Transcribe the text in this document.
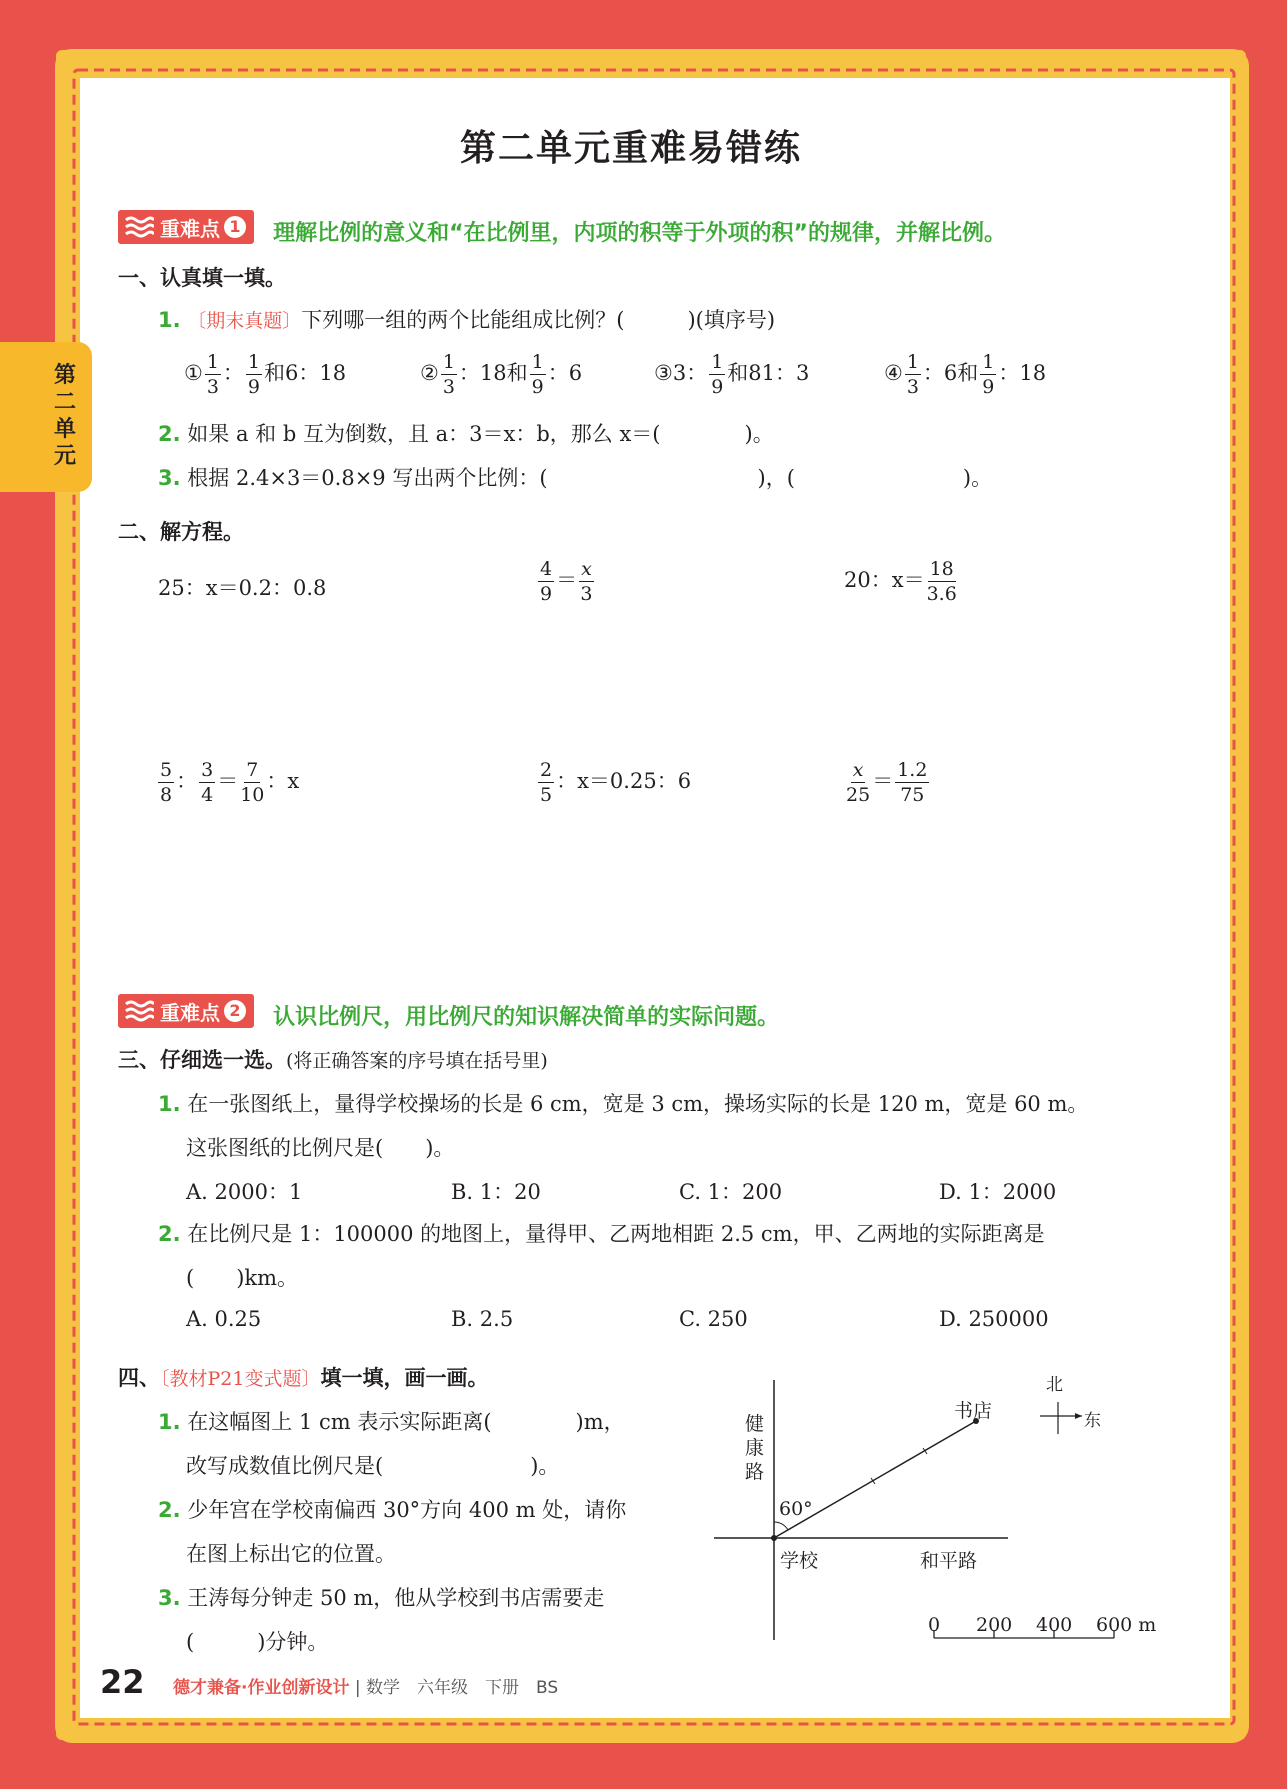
第二单元
第二单元重难易错练
重难点 1 理解比例的意义和“在比例里，内项的积等于外项的积”的规律，并解比例。
一、认真填一填。
1. 〔期末真题〕下列哪一组的两个比能组成比例？(　　　)(填序号)
① $\frac{1}{3}$ ： $\frac{1}{9}$ 和6：18	② $\frac{1}{3}$ ：18和 $\frac{1}{9}$ ：6	③3： $\frac{1}{9}$ 和81：3	④ $\frac{1}{3}$ ：6和 $\frac{1}{9}$ ：18
2. 如果 a 和 b 互为倒数，且 a：3＝x：b，那么 x＝(　　　　)。
3. 根据 2.4×3＝0.8×9 写出两个比例：(　　　　　　　　　　)，(　　　　　　　　)。
二、解方程。
25：x＝0.2：0.8	$\frac{4}{9} = \frac{x}{3}$	20：$x= \frac{18}{3.6}$
$\frac{5}{8}$ ： $\frac{3}{4} = \frac{7}{10}$ ：x	$\frac{2}{5}$ ：x＝0.25：6	$\frac{x}{25} = \frac{1.2}{75}$
重难点 2 认识比例尺，用比例尺的知识解决简单的实际问题。
三、仔细选一选。(将正确答案的序号填在括号里)
1. 在一张图纸上，量得学校操场的长是 6 cm，宽是 3 cm，操场实际的长是 120 m，宽是 60 m。
这张图纸的比例尺是(　　)。
A. 2000：1	B. 1：20	C. 1：200	D. 1：2000
2. 在比例尺是 1：100000 的地图上，量得甲、乙两地相距 2.5 cm，甲、乙两地的实际距离是
(　　)km。
A. 0.25	B. 2.5	C. 250	D. 250000
四、〔教材P21变式题〕填一填，画一画。
1. 在这幅图上 1 cm 表示实际距离(　　　　)m，
改写成数值比例尺是(　　　　　　　)。
2. 少年宫在学校南偏西 30°方向 400 m 处，请你
在图上标出它的位置。
3. 王涛每分钟走 50 m，他从学校到书店需要走
(　　　)分钟。
健康路
和平路
学校
书店
60°
北
东
0 200 400 600 m
22 德才兼备·作业创新设计 | 数学　六年级　下册　BS
